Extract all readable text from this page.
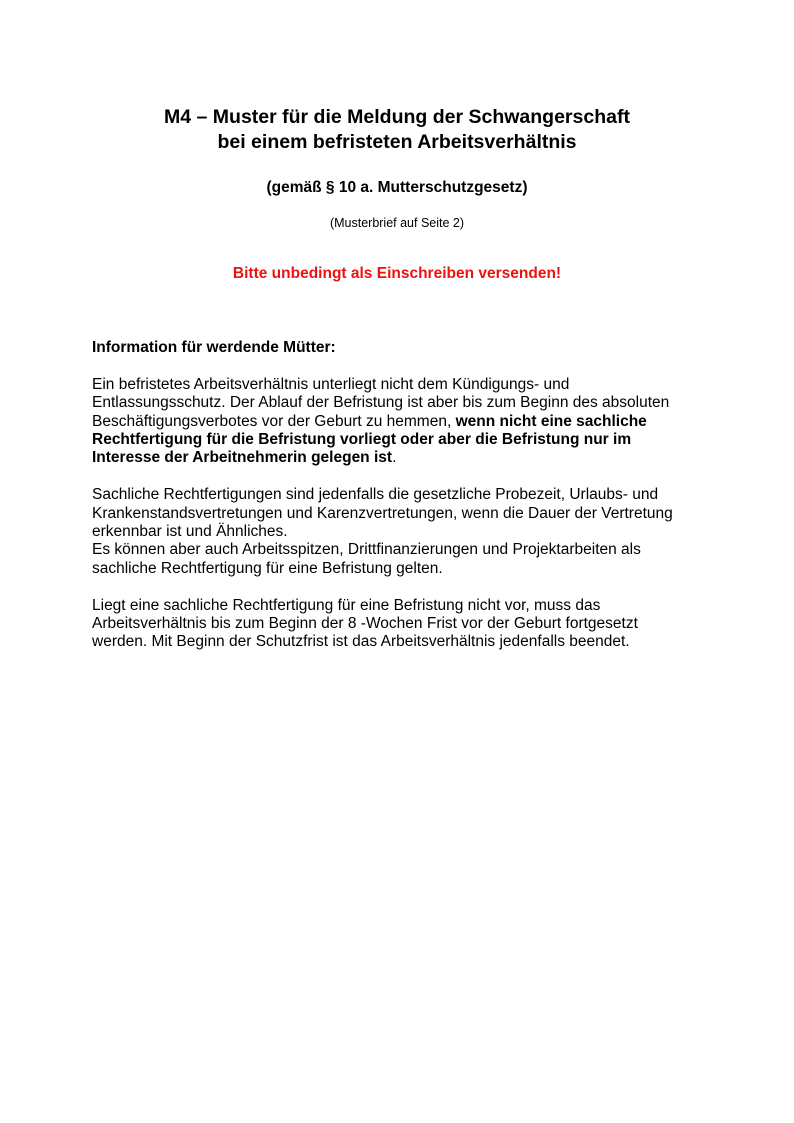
M4 – Muster für die Meldung der Schwangerschaft
bei einem befristeten Arbeitsverhältnis
(gemäß § 10 a. Mutterschutzgesetz)
(Musterbrief auf Seite 2)
Bitte unbedingt als Einschreiben versenden!

Information für werdende Mütter:

Ein befristetes Arbeitsverhältnis unterliegt nicht dem Kündigungs- und
Entlassungsschutz. Der Ablauf der Befristung ist aber bis zum Beginn des absoluten
Beschäftigungsverbotes vor der Geburt zu hemmen, wenn nicht eine sachliche
Rechtfertigung für die Befristung vorliegt oder aber die Befristung nur im
Interesse der Arbeitnehmerin gelegen ist.

Sachliche Rechtfertigungen sind jedenfalls die gesetzliche Probezeit, Urlaubs- und
Krankenstandsvertretungen und Karenzvertretungen, wenn die Dauer der Vertretung
erkennbar ist und Ähnliches.
Es können aber auch Arbeitsspitzen, Drittfinanzierungen und Projektarbeiten als
sachliche Rechtfertigung für eine Befristung gelten.

Liegt eine sachliche Rechtfertigung für eine Befristung nicht vor, muss das
Arbeitsverhältnis bis zum Beginn der 8 -Wochen Frist vor der Geburt fortgesetzt
werden. Mit Beginn der Schutzfrist ist das Arbeitsverhältnis jedenfalls beendet.
